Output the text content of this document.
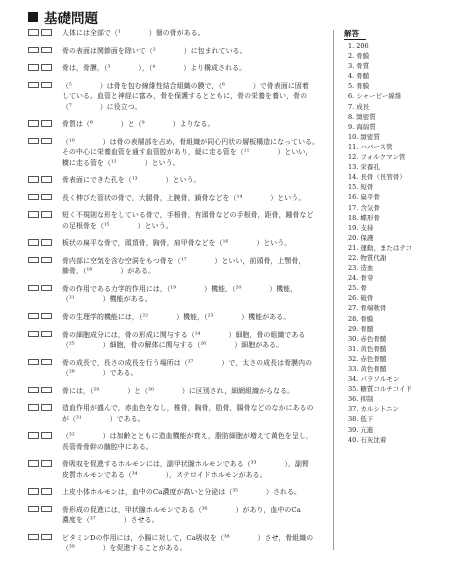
基礎問題
人体には全部で（¹　　　　）個の骨がある。
骨の表面は関節面を除いて（²　　　　）に包まれている。
骨は，骨膜，（³　　　　），（⁴　　　　）より構成される。
（⁵　　　　）は骨を包む線維性結合組織の膜で，（⁶　　　　）で骨表面に固着
している。血管と神経に富み，骨を保護するとともに，骨の栄養を養い，骨の
（⁷　　　　）に役立つ。
骨質は（⁸　　　　）と（⁹　　　　）よりなる。
（¹⁰　　　　）は骨の表層部を占め，骨組織が同心円状の層板構造になっている。
その中心に栄養血管を通す血管腔があり，縦に走る管を（¹¹　　　　）といい，
横に走る管を（¹²　　　　）という。
骨表面にできた孔を（¹³　　　　）という。
長く伸びた管状の骨で，大腿骨，上腕骨，鎖骨などを（¹⁴　　　　）という。
短く不規則な形をしている骨で，手根骨，有頭骨などの手根骨，距骨，踵骨など
の足根骨を（¹⁵　　　　）という。
板状の扁平な骨で，頭頂骨，胸骨，肩甲骨などを（¹⁶　　　　）という。
骨内部に空気を含む空洞をもつ骨を（¹⁷　　　　）といい，前頭骨，上顎骨，
篩骨，（¹⁸　　　　）がある。
骨の作用である力学的作用には，（¹⁹　　　　）機能，（²⁰　　　　）機能，
（²¹　　　　）機能がある。
骨の生理学的機能には，（²²　　　　）機能，（²³　　　　）機能がある。
骨の細胞成分には，骨の形成に関与する（²⁴　　　　）細胞，骨の組織である
（²⁵　　　　）細胞，骨の解体に関与する（²⁶　　　　）細胞がある。
骨の成長で，長さの成長を行う場所は（²⁷　　　　）で，太さの成長は骨膜内の
（²⁸　　　　）である。
骨には，（²⁹　　　　）と（³⁰　　　　）に区別され，細網組織からなる。
造血作用が盛んで，赤血色をなし，椎骨，胸骨，肋骨，腸骨などのなかにあるの
が（³¹　　　　）である。
（³²　　　　）は加齢とともに造血機能が衰え，脂肪細胞が増えて黄色を呈し，
長管骨骨幹の髄腔中にある。
骨吸収を促進するホルモンには，副甲状腺ホルモンである（³³　　　　），副腎
皮質ホルモンである（³⁴　　　　），ステロイドホルモンがある。
上皮小体ホルモンは，血中のCa濃度が高いと分泌は（³⁵　　　　）される。
骨形成の促進には，甲状腺ホルモンである（³⁶　　　　）があり，血中のCa
濃度を（³⁷　　　　）させる。
ビタミンDの作用には，小腸に対して，Ca吸収を（³⁸　　　　）させ，骨組織の
（³⁹　　　　）を促進することがある。
解答
1. 206
2. 骨膜
3. 骨質
4. 骨髄
5. 骨膜
6. シャーピー線維
7. 成長
8. 緻密質
9. 海綿質
10. 緻密質
11. ハバース管
12. フォルクマン管
13. 栄養孔
14. 長骨（長管骨）
15. 短骨
16. 扁平骨
17. 含気骨
18. 蝶形骨
19. 支持
20. 保護
21. 運動，またはテコ
22. 物質代謝
23. 造血
24. 骨芽
25. 骨
26. 破骨
27. 骨端軟骨
28. 骨膜
29. 骨髄
30. 赤色骨髄
31. 黄色骨髄
32. 赤色骨髄
33. 黄色骨髄
34. パラソルモン
35. 糖質コルチコイド
36. 抑制
37. カルシトニン
38. 低下
39. 亢進
40. 石灰沈着
